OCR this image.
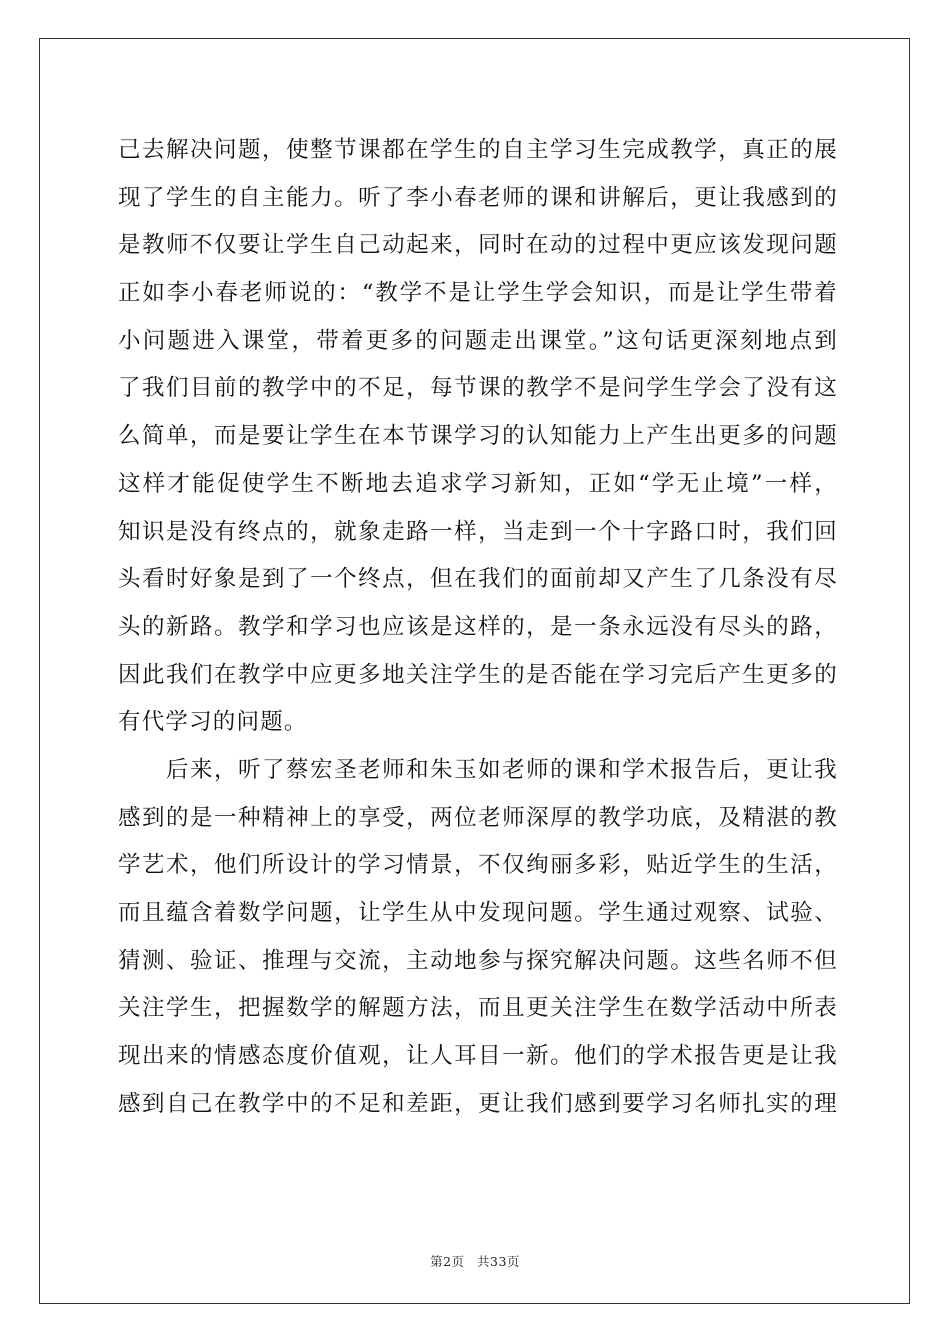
己去解决问题，使整节课都在学生的自主学习生完成教学，真正的展
现了学生的自主能力。听了李小春老师的课和讲解后，更让我感到的
是教师不仅要让学生自己动起来，同时在动的过程中更应该发现问题
正如李小春老师说的：“教学不是让学生学会知识，而是让学生带着
小问题进入课堂，带着更多的问题走出课堂。”这句话更深刻地点到
了我们目前的教学中的不足，每节课的教学不是问学生学会了没有这
么简单，而是要让学生在本节课学习的认知能力上产生出更多的问题
这样才能促使学生不断地去追求学习新知，正如“学无止境”一样，
知识是没有终点的，就象走路一样，当走到一个十字路口时，我们回
头看时好象是到了一个终点，但在我们的面前却又产生了几条没有尽
头的新路。教学和学习也应该是这样的，是一条永远没有尽头的路，
因此我们在教学中应更多地关注学生的是否能在学习完后产生更多的
有代学习的问题。
后来，听了蔡宏圣老师和朱玉如老师的课和学术报告后，更让我
感到的是一种精神上的享受，两位老师深厚的教学功底，及精湛的教
学艺术，他们所设计的学习情景，不仅绚丽多彩，贴近学生的生活，
而且蕴含着数学问题，让学生从中发现问题。学生通过观察、试验、
猜测、验证、推理与交流，主动地参与探究解决问题。这些名师不但
关注学生，把握数学的解题方法，而且更关注学生在数学活动中所表
现出来的情感态度价值观，让人耳目一新。他们的学术报告更是让我
感到自己在教学中的不足和差距，更让我们感到要学习名师扎实的理
第2页 共33页
